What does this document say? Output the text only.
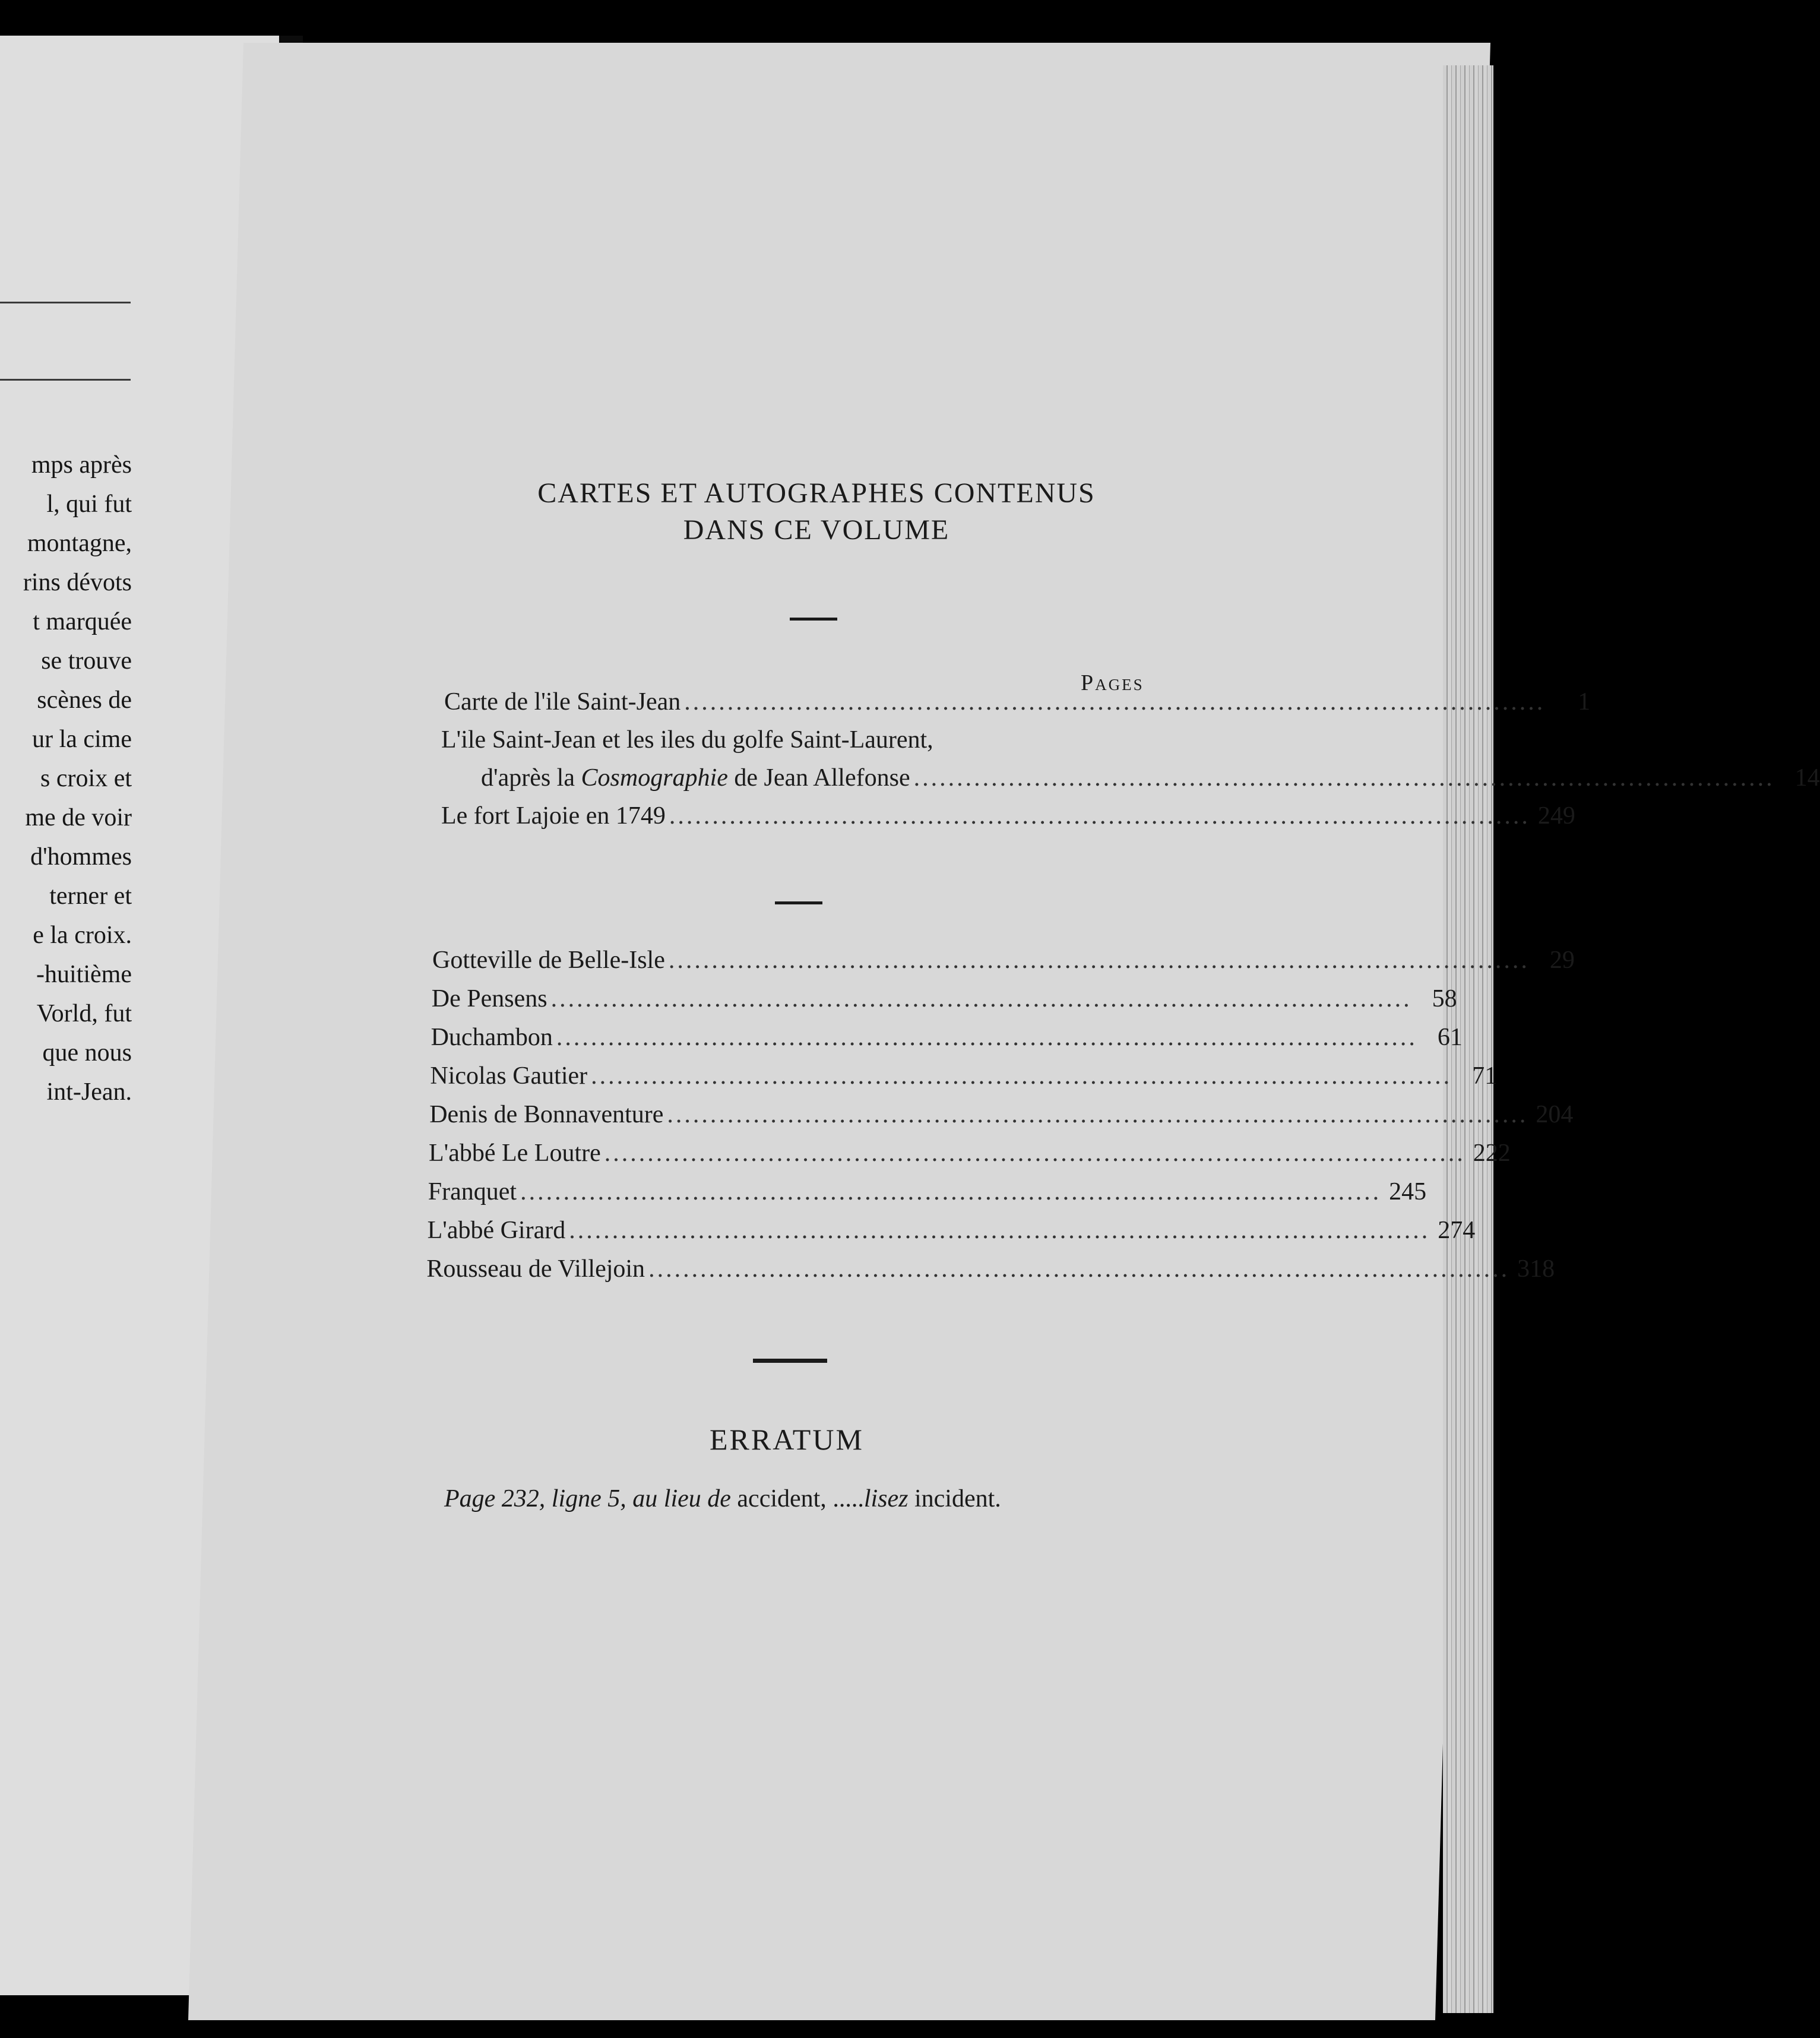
mps après
l, qui fut
montagne,
rins dévots
t marquée
se trouve
scènes de
ur la cime
s croix et
me de voir
d'hommes
terner et
e la croix.
-huitième
Vorld, fut
que nous
int-Jean.
CARTES ET AUTOGRAPHES CONTENUS
DANS CE VOLUME
Pages
Carte de l'ile Saint-Jean ....................................................................................................	1
L'ile Saint-Jean et les iles du golfe Saint-Laurent,
d'après la Cosmographie de Jean Allefonse .................................................................................................... 14
Le fort Lajoie en 1749 .................................................................................................... 249
Gotteville de Belle-Isle .................................................................................................... 29
De Pensens .................................................................................................... 58
Duchambon .................................................................................................... 61
Nicolas Gautier .................................................................................................... 71
Denis de Bonnaventure .................................................................................................... 204
L'abbé Le Loutre .................................................................................................... 222
Franquet .................................................................................................... 245
L'abbé Girard .................................................................................................... 274
Rousseau de Villejoin .................................................................................................... 318
ERRATUM
Page 232, ligne 5, au lieu de accident, .....lisez incident.
